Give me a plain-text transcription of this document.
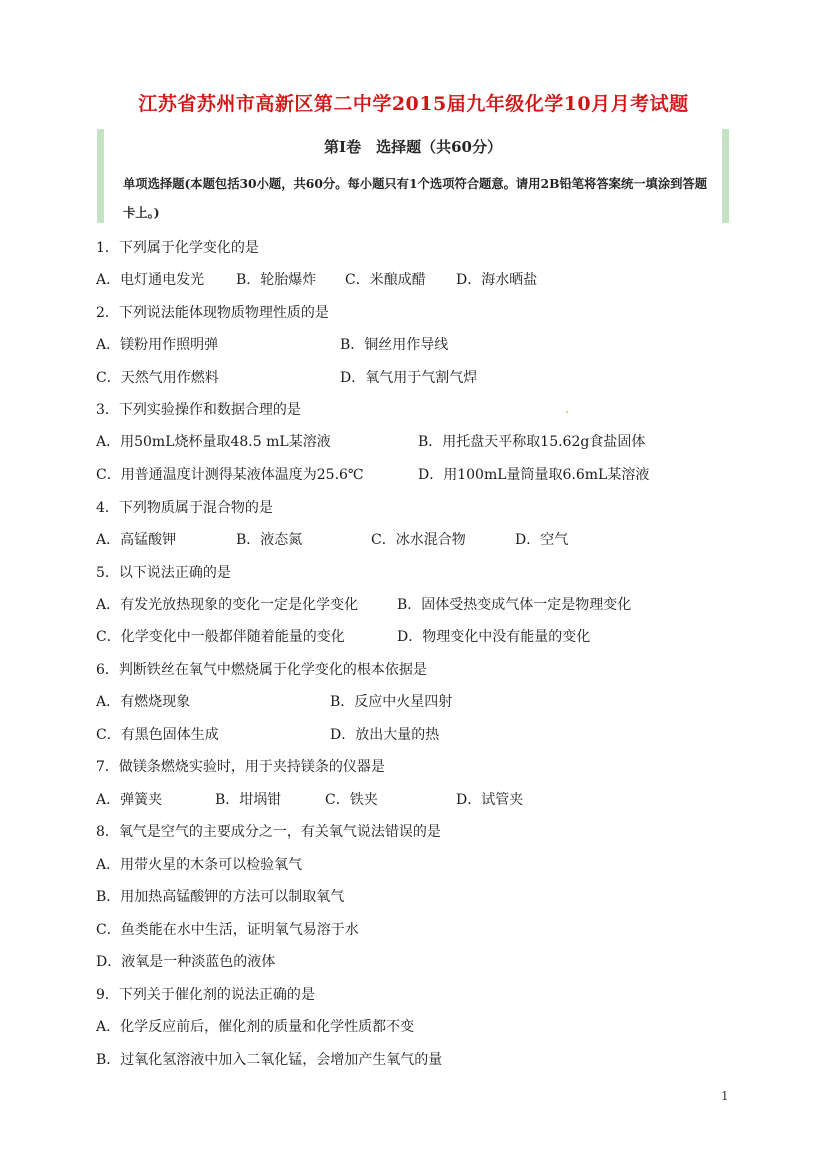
江苏省苏州市高新区第二中学2015届九年级化学10月月考试题
第Ⅰ卷　选择题（共60分）
单项选择题(本题包括30小题，共60分。每小题只有1个选项符合题意。请用2B铅笔将答案统一填涂到答题卡上。)
1．下列属于化学变化的是
A．电灯通电发光 B．轮胎爆炸 C．米酿成醋 D．海水晒盐
2．下列说法能体现物质物理性质的是
A．镁粉用作照明弹	B．铜丝用作导线
C．天然气用作燃料	D．氧气用于气割气焊
3．下列实验操作和数据合理的是
A．用50mL烧杯量取48.5 mL某溶液	B．用托盘天平称取15.62g食盐固体
C．用普通温度计测得某液体温度为25.6℃	D．用100mL量筒量取6.6mL某溶液
4．下列物质属于混合物的是
A．高锰酸钾	B．液态氮	C．冰水混合物	D．空气
5．以下说法正确的是
A．有发光放热现象的变化一定是化学变化	B．固体受热变成气体一定是物理变化
C．化学变化中一般都伴随着能量的变化	D．物理变化中没有能量的变化
6．判断铁丝在氧气中燃烧属于化学变化的根本依据是
A．有燃烧现象	B．反应中火星四射
C．有黑色固体生成	D．放出大量的热
7．做镁条燃烧实验时，用于夹持镁条的仪器是
A．弹簧夹	B．坩埚钳	C．铁夹	D．试管夹
8．氧气是空气的主要成分之一，有关氧气说法错误的是
A．用带火星的木条可以检验氧气
B．用加热高锰酸钾的方法可以制取氧气
C．鱼类能在水中生活，证明氧气易溶于水
D．液氧是一种淡蓝色的液体
9．下列关于催化剂的说法正确的是
A．化学反应前后，催化剂的质量和化学性质都不变
B．过氧化氢溶液中加入二氧化锰，会增加产生氧气的量
1
